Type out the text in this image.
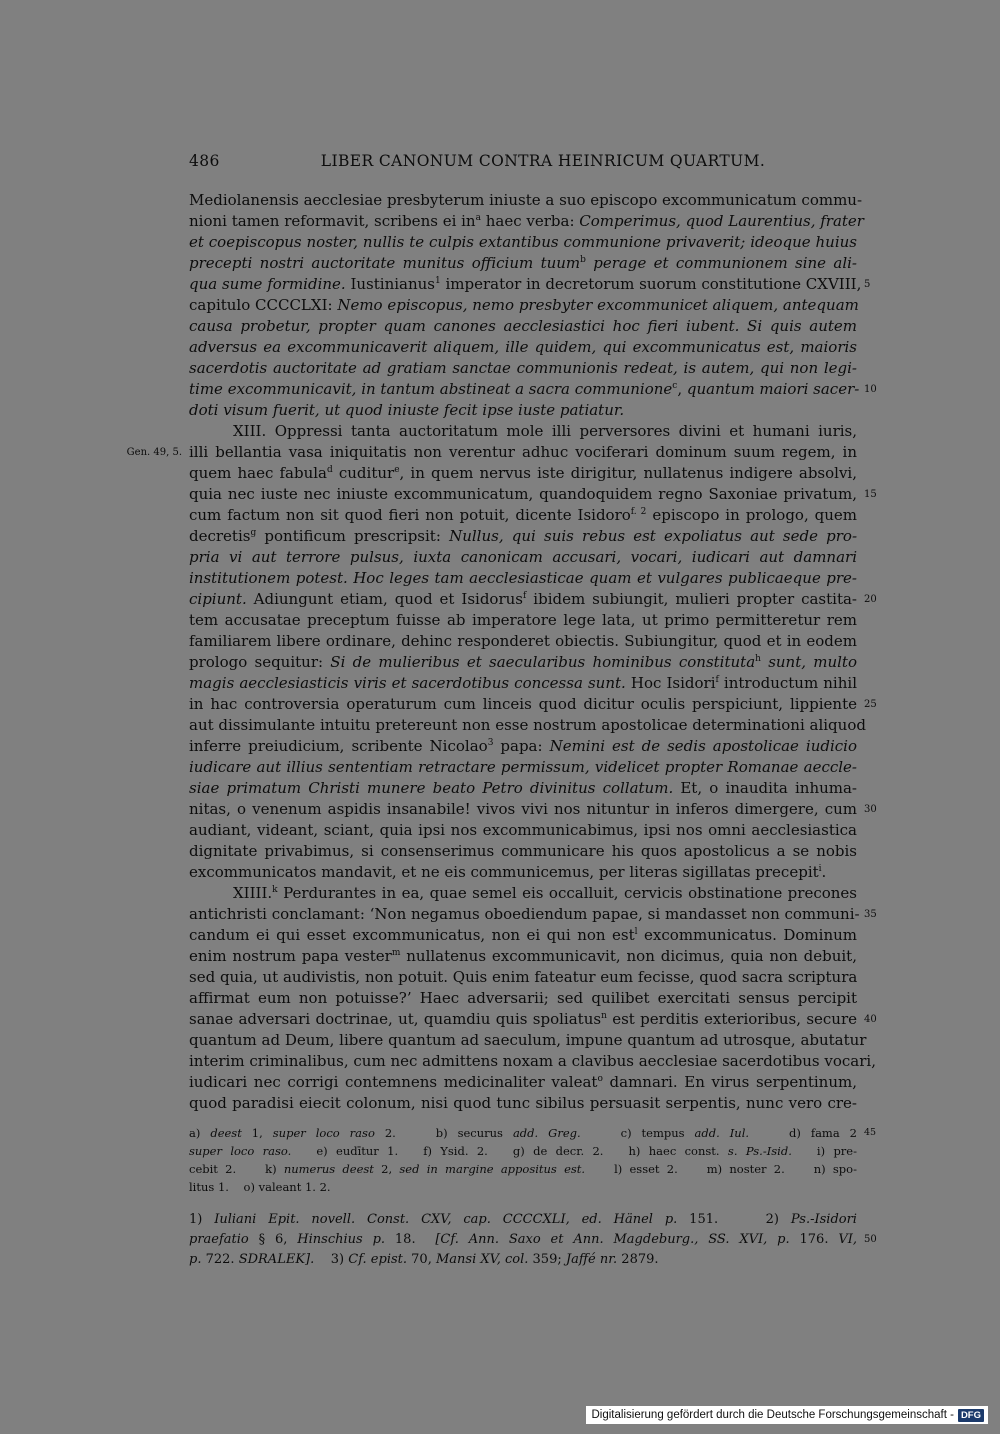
486	LIBER CANONUM CONTRA HEINRICUM QUARTUM.
Mediolanensis aecclesiae presbyterum iniuste a suo episcopo excommunicatum commu-
nioni tamen reformavit, scribens ei $in^a$ haec verba: Comperimus, quod Laurentius, frater
et coepiscopus noster, nullis te culpis extantibus communione privaverit; ideoque huius
precepti nostri auctoritate munitus officium tuum$^b$ perage et communionem sine ali-
qua sume formidine. Iustinianus$^1$ imperator in decretorum suorum constitutione CXVIII, 5
capitulo CCCCLXI: Nemo episcopus, nemo presbyter excommunicet aliquem, antequam
causa probetur, propter quam canones aecclesiastici hoc fieri iubent. Si quis autem
adversus ea excommunicaverit aliquem, ille quidem, qui excommunicatus est, maioris
sacerdotis auctoritate ad gratiam sanctae communionis redeat, is autem, qui non legi-
time excommunicavit, in tantum abstineat a sacra communione$^c$, quantum maiori sacer- 10
doti visum fuerit, ut quod iniuste fecit ipse iuste patiatur.
XIII. Oppressi tanta auctoritatum mole illi perversores divini et humani iuris,
illi bellantia vasa iniquitatis non verentur adhuc vociferari dominum suum regem, in
Gen. 49, 5.
quem haec fabula$^d$ cuditur$^e$, in quem nervus iste dirigitur, nullatenus indigere absolvi,
quia nec iuste nec iniuste excommunicatum, quandoquidem regno Saxoniae privatum, 15
cum factum non sit quod fieri non potuit, dicente Isidoro$^{f. 2}$ episcopo in prologo, quem
decretis$^g$ pontificum prescripsit: Nullus, qui suis rebus est expoliatus aut sede pro-
pria vi aut terrore pulsus, iuxta canonicam accusari, vocari, iudicari aut damnari
institutionem potest. Hoc leges tam aecclesiasticae quam et vulgares publicaeque pre-
cipiunt. Adiungunt etiam, quod et Isidorus$^f$ ibidem subiungit, mulieri propter castita- 20
tem accusatae preceptum fuisse ab imperatore lege lata, ut primo permitteretur rem
familiarem libere ordinare, dehinc responderet obiectis. Subiungitur, quod et in eodem
prologo sequitur: Si de mulieribus et saecularibus hominibus constituta$^h$ sunt, multo
magis aecclesiasticis viris et sacerdotibus concessa sunt. Hoc Isidori$^f$ introductum nihil
in hac controversia operaturum cum linceis quod dicitur oculis perspiciunt, lippiente 25
aut dissimulante intuitu pretereunt non esse nostrum apostolicae determinationi aliquod
inferre preiudicium, scribente Nicolao$^3$ papa: Nemini est de sedis apostolicae iudicio
iudicare aut illius sententiam retractare permissum, videlicet propter Romanae aeccle-
siae primatum Christi munere beato Petro divinitus collatum. Et, o inaudita inhuma-
nitas, o venenum aspidis insanabile! vivos vivi nos nituntur in inferos dimergere, cum 30
audiant, videant, sciant, quia ipsi nos excommunicabimus, ipsi nos omni aecclesiastica
dignitate privabimus, si consenserimus communicare his quos apostolicus a se nobis
excommunicatos mandavit, et ne eis communicemus, per literas sigillatas precepit$^i$.
XIIII.$^k$ Perdurantes in ea, quae semel eis occalluit, cervicis obstinatione precones
antichristi conclamant: ‘Non negamus oboediendum papae, si mandasset non communi- 35
candum ei qui esset excommunicatus, non ei qui non est$^l$ excommunicatus. Dominum
enim nostrum papa vester$^m$ nullatenus excommunicavit, non dicimus, quia non debuit,
sed quia, ut audivistis, non potuit. Quis enim fateatur eum fecisse, quod sacra scriptura
affirmat eum non potuisse?’ Haec adversarii; sed quilibet exercitati sensus percipit
sanae adversari doctrinae, ut, quamdiu quis spoliatus$^n$ est perditis exterioribus, secure 40
quantum ad Deum, libere quantum ad saeculum, impune quantum ad utrosque, abutatur
interim criminalibus, cum nec admittens noxam a clavibus aecclesiae sacerdotibus vocari,
iudicari nec corrigi contemnens medicinaliter valeat$^o$ damnari. En virus serpentinum,
quod paradisi eiecit colonum, nisi quod tunc sibilus persuasit serpentis, nunc vero cre-
a) deest 1, super loco raso 2.    b) securus add. Greg.    c) tempus add. Iul.    d) fama 2 45
super loco raso.   e) eudītur 1.   f) Ysid. 2.   g) de decr. 2.   h) haec const. s. Ps.-Isid.   i) pre-
cebit 2.    k) numerus deest 2, sed in margine appositus est.    l) esset 2.    m) noster 2.    n) spo-
litus 1.    o) valeant 1. 2.
1) Iuliani Epit. novell. Const. CXV, cap. CCCCXLI, ed. Hänel p. 151.    2) Ps.-Isidori
praefatio § 6, Hinschius p. 18.  [Cf. Ann. Saxo et Ann. Magdeburg., SS. XVI, p. 176. VI, 50
p. 722. SDRALEK].    3) Cf. epist. 70, Mansi XV, col. 359; Jaffé nr. 2879.
Digitalisierung gefördert durch die Deutsche Forschungsgemeinschaft - DFG
